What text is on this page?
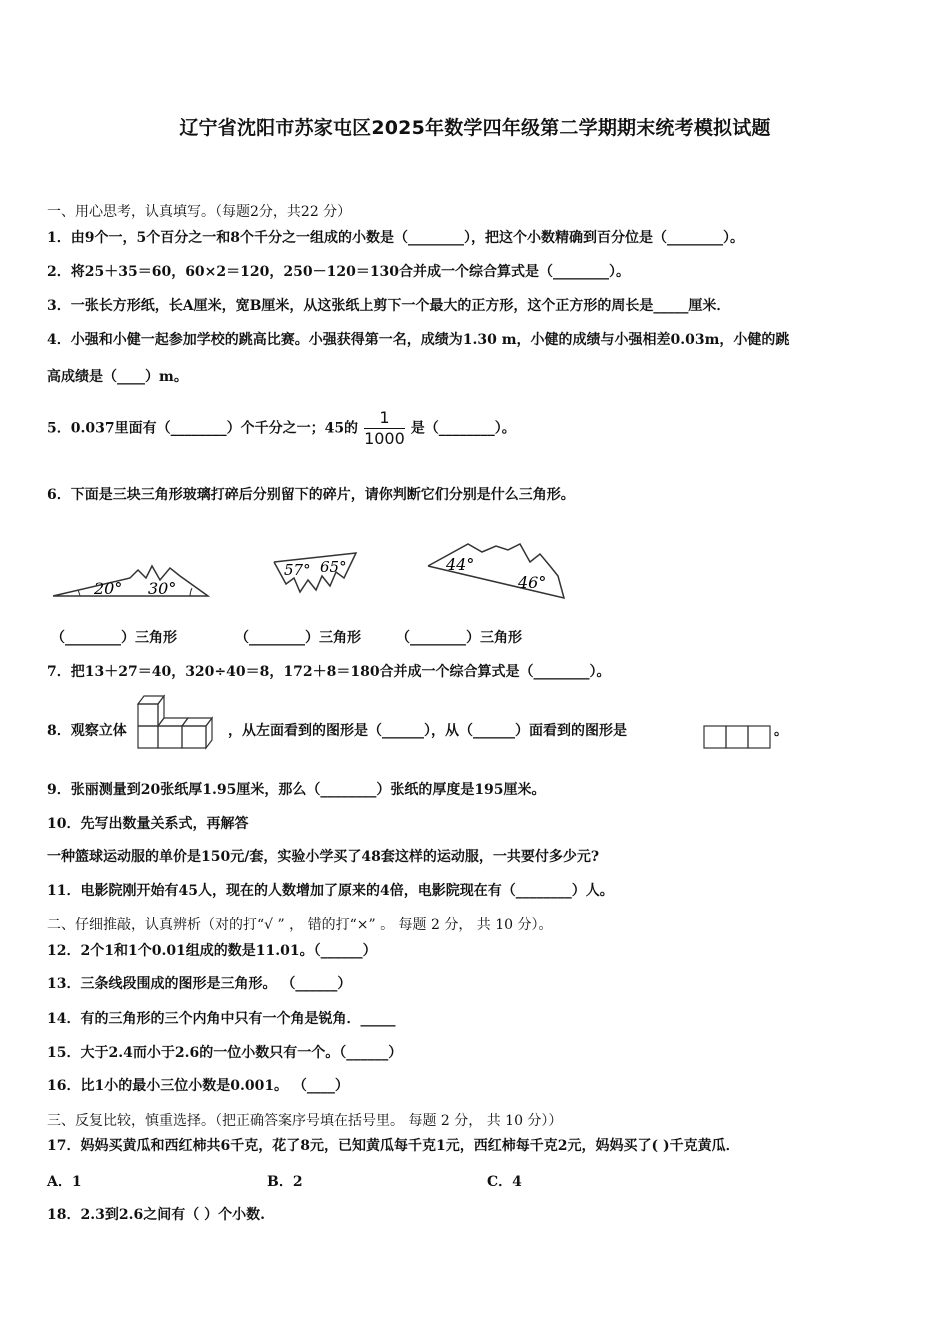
辽宁省沈阳市苏家屯区2025年数学四年级第二学期期末统考模拟试题
一、用心思考，认真填写。（每题2分，共22 分）
1．由9个一，5个百分之一和8个千分之一组成的小数是（________），把这个小数精确到百分位是（________）。
2．将25＋35＝60，60×2＝120，250－120＝130合并成一个综合算式是（________）。
3．一张长方形纸，长A厘米，宽B厘米，从这张纸上剪下一个最大的正方形，这个正方形的周长是_____厘米．
4．小强和小健一起参加学校的跳高比赛。小强获得第一名，成绩为1.30 m，小健的成绩与小强相差0.03m，小健的跳
高成绩是（____）m。
5．0.037里面有（________）个千分之一；45的 $\frac{1}{1000}$ 是（________）。
6．下面是三块三角形玻璃打碎后分别留下的碎片，请你判断它们分别是什么三角形。
20° 30°
57° 65°	44°
46°
（________）三角形	（________）三角形	（________）三角形
7．把13＋27＝40，320÷40＝8，172＋8＝180合并成一个综合算式是（________）。
8．观察立体	，从左面看到的图形是（______），从（______）面看到的图形是	。
9．张丽测量到20张纸厚1.95厘米，那么（________）张纸的厚度是195厘米。
10．先写出数量关系式，再解答
一种篮球运动服的单价是150元/套，实验小学买了48套这样的运动服，一共要付多少元?
11．电影院刚开始有45人，现在的人数增加了原来的4倍，电影院现在有（________）人。
二、仔细推敲，认真辨析（对的打“√ ” ， 错的打“×” 。 每题 2 分， 共 10 分）。
12．2个1和1个0.01组成的数是11.01。（______）
13．三条线段围成的图形是三角形。 （______）
14．有的三角形的三个内角中只有一个角是锐角．_____
15．大于2.4而小于2.6的一位小数只有一个。（______）
16．比1小的最小三位小数是0.001。 （____）
三、反复比较，慎重选择。（把正确答案序号填在括号里。 每题 2 分， 共 10 分））
17．妈妈买黄瓜和西红柿共6千克，花了8元，已知黄瓜每千克1元，西红柿每千克2元，妈妈买了( )千克黄瓜．
A．1	B．2	C．4
18．2.3到2.6之间有（ ）个小数.
